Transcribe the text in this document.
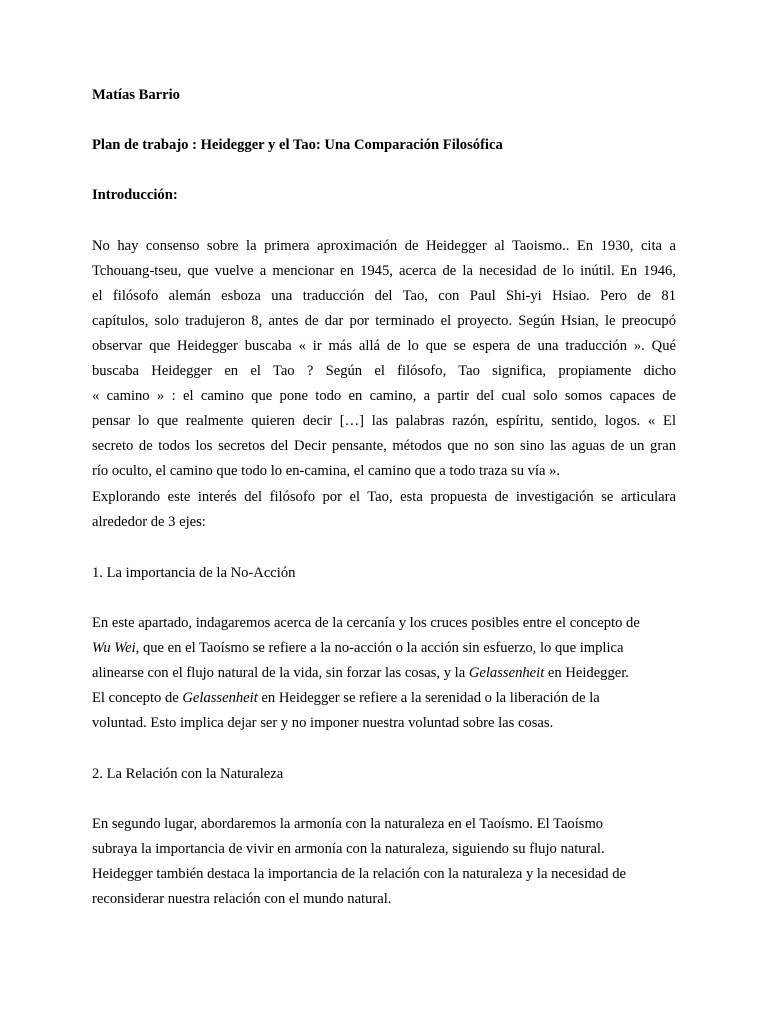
Matías Barrio
Plan de trabajo : Heidegger y el Tao: Una Comparación Filosófica
Introducción:
No hay consenso sobre la primera aproximación de Heidegger al Taoismo.. En 1930, cita a
Tchouang-tseu, que vuelve a mencionar en 1945, acerca de la necesidad de lo inútil. En 1946,
el filósofo alemán esboza una traducción del Tao, con Paul Shi-yi Hsiao. Pero de 81
capítulos, solo tradujeron 8, antes de dar por terminado el proyecto. Según Hsian, le preocupó
observar que Heidegger buscaba « ir más allá de lo que se espera de una traducción ». Qué
buscaba Heidegger en el Tao ? Según el filósofo, Tao significa, propiamente dicho
« camino » : el camino que pone todo en camino, a partir del cual solo somos capaces de
pensar lo que realmente quieren decir […] las palabras razón, espíritu, sentido, logos. « El
secreto de todos los secretos del Decir pensante, métodos que no son sino las aguas de un gran
río oculto, el camino que todo lo en-camina, el camino que a todo traza su vía ».
Explorando este interés del filósofo por el Tao, esta propuesta de investigación se articulara
alrededor de 3 ejes:
1. La importancia de la No-Acción
En este apartado, indagaremos acerca de la cercanía y los cruces posibles entre el concepto de
Wu Wei, que en el Taoísmo se refiere a la no-acción o la acción sin esfuerzo, lo que implica
alinearse con el flujo natural de la vida, sin forzar las cosas, y la Gelassenheit en Heidegger.
El concepto de Gelassenheit en Heidegger se refiere a la serenidad o la liberación de la
voluntad. Esto implica dejar ser y no imponer nuestra voluntad sobre las cosas.
2. La Relación con la Naturaleza
En segundo lugar, abordaremos la armonía con la naturaleza en el Taoísmo. El Taoísmo
subraya la importancia de vivir en armonía con la naturaleza, siguiendo su flujo natural.
Heidegger también destaca la importancia de la relación con la naturaleza y la necesidad de
reconsiderar nuestra relación con el mundo natural.
